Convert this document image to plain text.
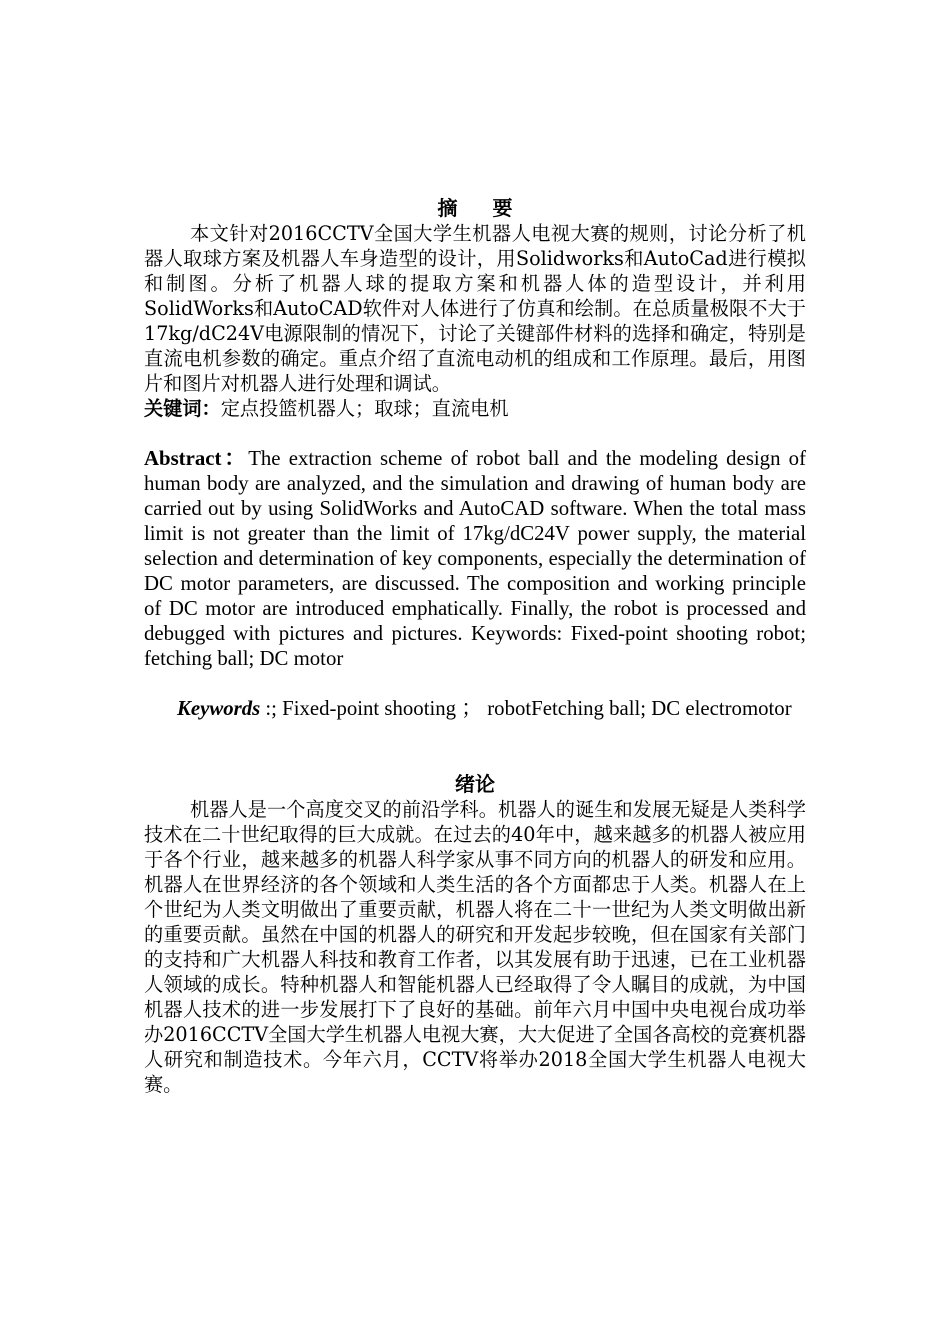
摘 要

本文针对2016CCTV全国大学生机器人电视大赛的规则，讨论分析了机器人取球方案及机器人车身造型的设计，用Solidworks和AutoCad进行模拟和制图。分析了机器人球的提取方案和机器人体的造型设计，并利用SolidWorks和AutoCAD软件对人体进行了仿真和绘制。在总质量极限不大于17kg/dC24V电源限制的情况下，讨论了关键部件材料的选择和确定，特别是直流电机参数的确定。重点介绍了直流电动机的组成和工作原理。最后，用图片和图片对机器人进行处理和调试。

关键词：定点投篮机器人；取球；直流电机

Abstract：The extraction scheme of robot ball and the modeling design of human body are analyzed, and the simulation and drawing of human body are carried out by using SolidWorks and AutoCAD software. When the total mass limit is not greater than the limit of 17kg/dC24V power supply, the material selection and determination of key components, especially the determination of DC motor parameters, are discussed. The composition and working principle of DC motor are introduced emphatically. Finally, the robot is processed and debugged with pictures and pictures. Keywords: Fixed-point shooting robot; fetching ball; DC motor

Keywords :; Fixed-point shooting ； robotFetching ball; DC electromotor

绪论

机器人是一个高度交叉的前沿学科。机器人的诞生和发展无疑是人类科学技术在二十世纪取得的巨大成就。在过去的40年中，越来越多的机器人被应用于各个行业，越来越多的机器人科学家从事不同方向的机器人的研发和应用。机器人在世界经济的各个领域和人类生活的各个方面都忠于人类。机器人在上个世纪为人类文明做出了重要贡献，机器人将在二十一世纪为人类文明做出新的重要贡献。虽然在中国的机器人的研究和开发起步较晚，但在国家有关部门的支持和广大机器人科技和教育工作者，以其发展有助于迅速，已在工业机器人领域的成长。特种机器人和智能机器人已经取得了令人瞩目的成就，为中国机器人技术的进一步发展打下了良好的基础。前年六月中国中央电视台成功举办2016CCTV全国大学生机器人电视大赛，大大促进了全国各高校的竞赛机器人研究和制造技术。今年六月，CCTV将举办2018全国大学生机器人电视大赛。
